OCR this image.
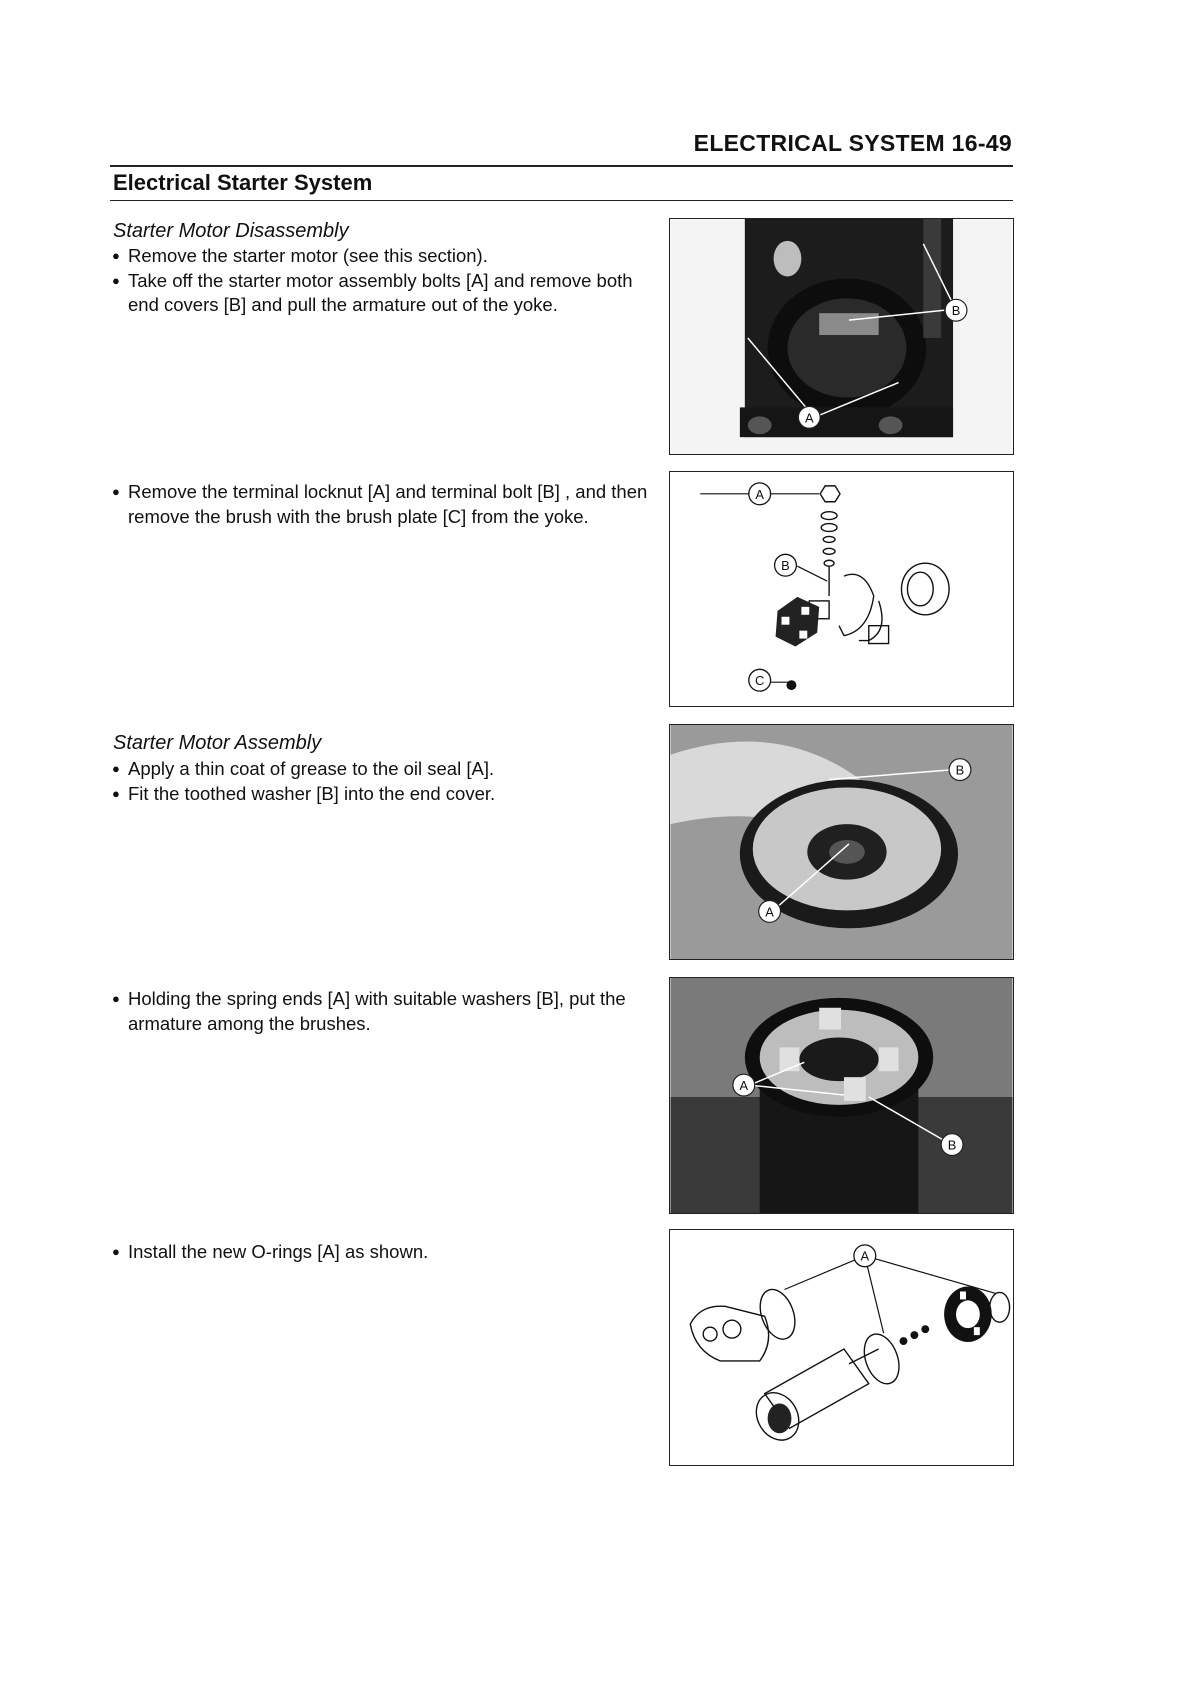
ELECTRICAL SYSTEM 16-49
Electrical Starter System
Starter Motor Disassembly
● Remove the starter motor (see this section).
● Take off the starter motor assembly bolts [A] and remove both end covers [B] and pull the armature out of the yoke.
● Remove the terminal locknut [A] and terminal bolt [B] , and then remove the brush with the brush plate [C] from the yoke.
Starter Motor Assembly
● Apply a thin coat of grease to the oil seal [A].
● Fit the toothed washer [B] into the end cover.
● Holding the spring ends [A] with suitable washers [B], put the armature among the brushes.
● Install the new O-rings [A] as shown.
B
A
A
B
C
B
A
A
B
A
